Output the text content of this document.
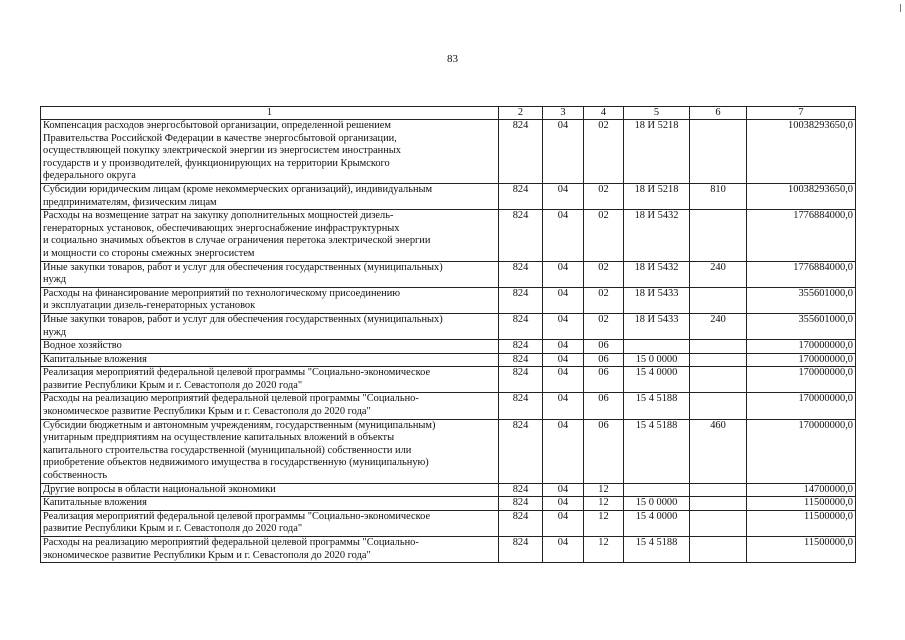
83
1	2	3	4	5	6	7
Компенсация расходов энергосбытовой организации, определенной решением
Правительства Российской Федерации в качестве энергосбытовой организации,
осуществляющей покупку электрической энергии из энергосистем иностранных
государств и у производителей, функционирующих на территории Крымского
федерального округа	824	04	02	18 И 5218		10038293650,0
Субсидии юридическим лицам (кроме некоммерческих организаций), индивидуальным
предпринимателям, физическим лицам	824	04	02	18 И 5218	810	10038293650,0
Расходы на возмещение затрат на закупку дополнительных мощностей дизель-
генераторных установок, обеспечивающих энергоснабжение инфраструктурных
и социально значимых объектов в случае ограничения перетока электрической энергии
и мощности со стороны смежных энергосистем	824	04	02	18 И 5432		1776884000,0
Иные закупки товаров, работ и услуг для обеспечения государственных (муниципальных)
нужд	824	04	02	18 И 5432	240	1776884000,0
Расходы на финансирование мероприятий по технологическому присоединению
и эксплуатации дизель-генераторных установок	824	04	02	18 И 5433		355601000,0
Иные закупки товаров, работ и услуг для обеспечения государственных (муниципальных)
нужд	824	04	02	18 И 5433	240	355601000,0
Водное хозяйство	824	04	06			170000000,0
Капитальные вложения	824	04	06	15 0 0000		170000000,0
Реализация мероприятий федеральной целевой программы "Социально-экономическое
развитие Республики Крым и г. Севастополя до 2020 года"	824	04	06	15 4 0000		170000000,0
Расходы на реализацию мероприятий федеральной целевой программы "Социально-
экономическое развитие Республики Крым и г. Севастополя до 2020 года"	824	04	06	15 4 5188		170000000,0
Субсидии бюджетным и автономным учреждениям, государственным (муниципальным)
унитарным предприятиям на осуществление капитальных вложений в объекты
капитального строительства государственной (муниципальной) собственности или
приобретение объектов недвижимого имущества в государственную (муниципальную)
собственность	824	04	06	15 4 5188	460	170000000,0
Другие вопросы в области национальной экономики	824	04	12			14700000,0
Капитальные вложения	824	04	12	15 0 0000		11500000,0
Реализация мероприятий федеральной целевой программы "Социально-экономическое
развитие Республики Крым и г. Севастополя до 2020 года"	824	04	12	15 4 0000		11500000,0
Расходы на реализацию мероприятий федеральной целевой программы "Социально-
экономическое развитие Республики Крым и г. Севастополя до 2020 года"	824	04	12	15 4 5188		11500000,0
